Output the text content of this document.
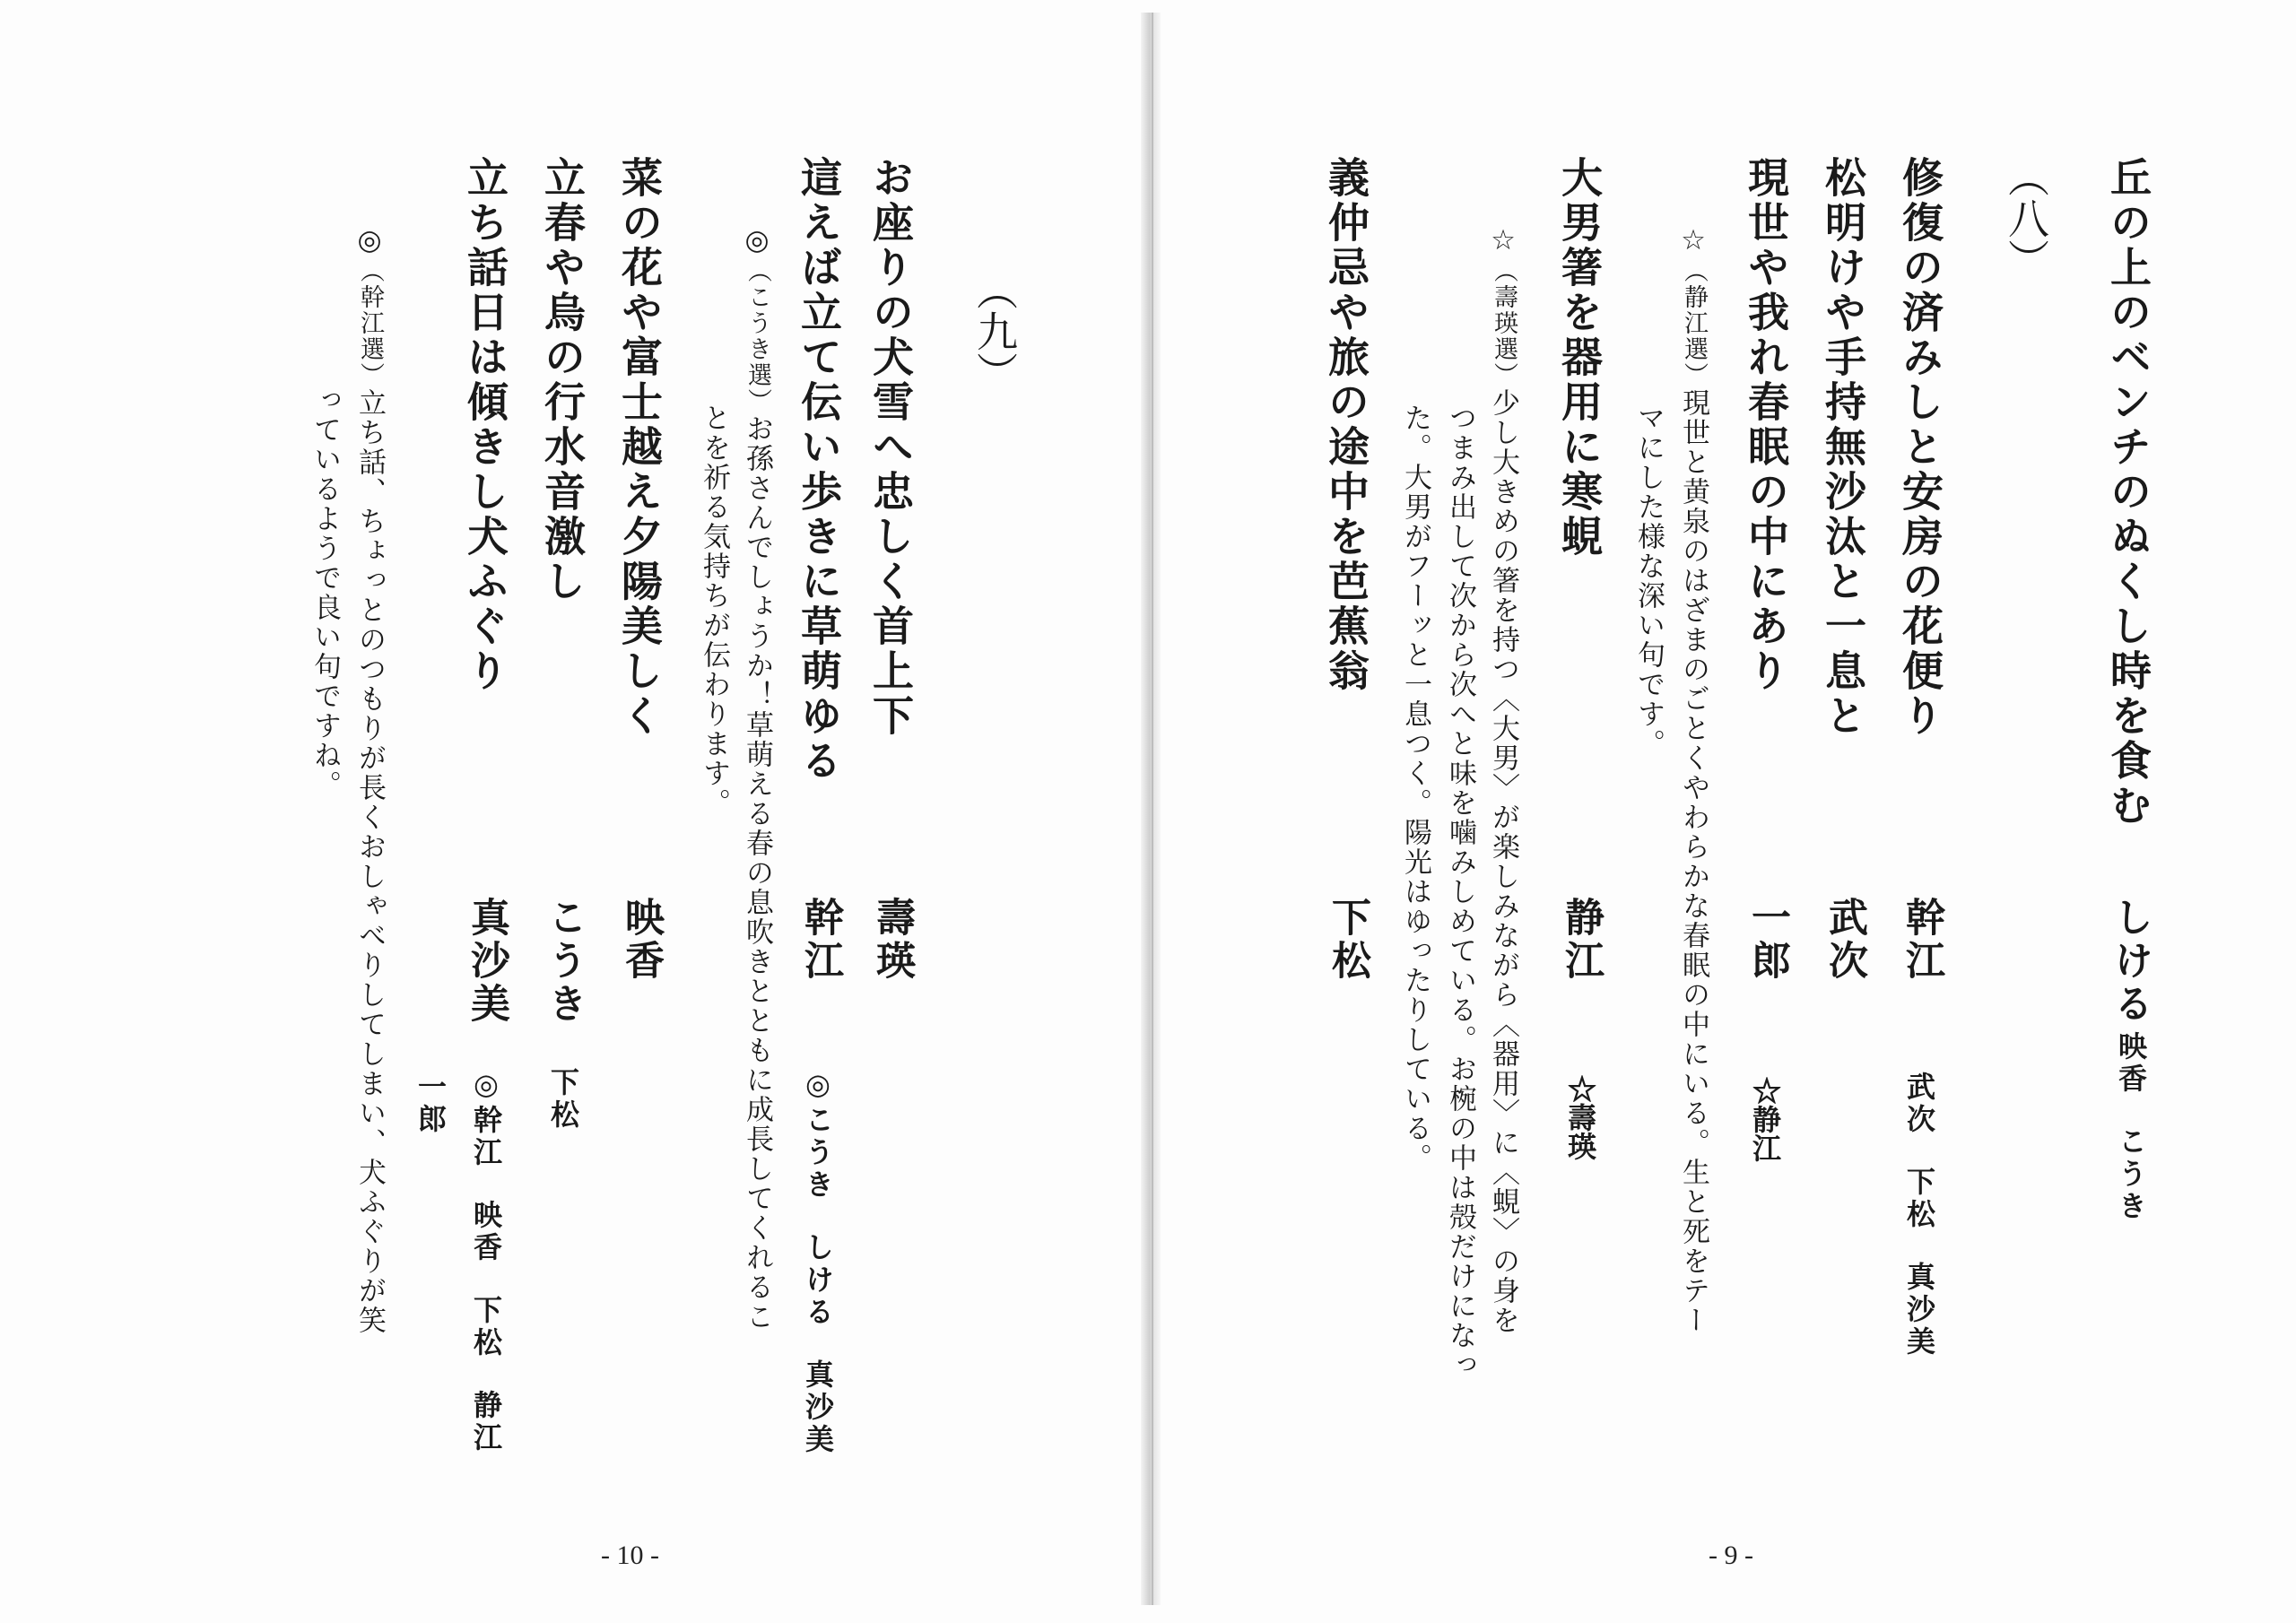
丘の上のベンチのぬくし時を食む
しける
映香こうき
（八）
修復の済みしと安房の花便り
幹江
武次下松真沙美
松明けや手持無沙汰と一息と
武次
現世や我れ春眠の中にあり
一郎
☆静江
☆（静江選）現世と黄泉のはざまのごとくやわらかな春眠の中にいる。生と死をテー
マにした様な深い句です。
大男箸を器用に寒蜆
静江
☆壽瑛
☆（壽瑛選）少し大きめの箸を持つ〈大男〉が楽しみながら〈器用〉に〈蜆〉の身を
つまみ出して次から次へと味を噛みしめている。お椀の中は殻だけになっ
た。大男がフーッと一息つく。陽光はゆったりしている。
義仲忌や旅の途中を芭蕉翁
下松
- 9 -
（九）
お座りの犬雪へ忠しく首上下
壽瑛
這えば立て伝い歩きに草萌ゆる
幹江
◎こうきしける真沙美
◎（こうき選）お孫さんでしょうか！草萌える春の息吹きとともに成長してくれるこ
とを祈る気持ちが伝わります。
菜の花や富士越え夕陽美しく
映香
立春や烏の行水音激し
こうき
下松
立ち話日は傾きし犬ふぐり
真沙美
◎幹江映香下松静江
一郎
◎（幹江選）立ち話、ちょっとのつもりが長くおしゃべりしてしまい、犬ふぐりが笑
っているようで良い句ですね。
- 10 -
